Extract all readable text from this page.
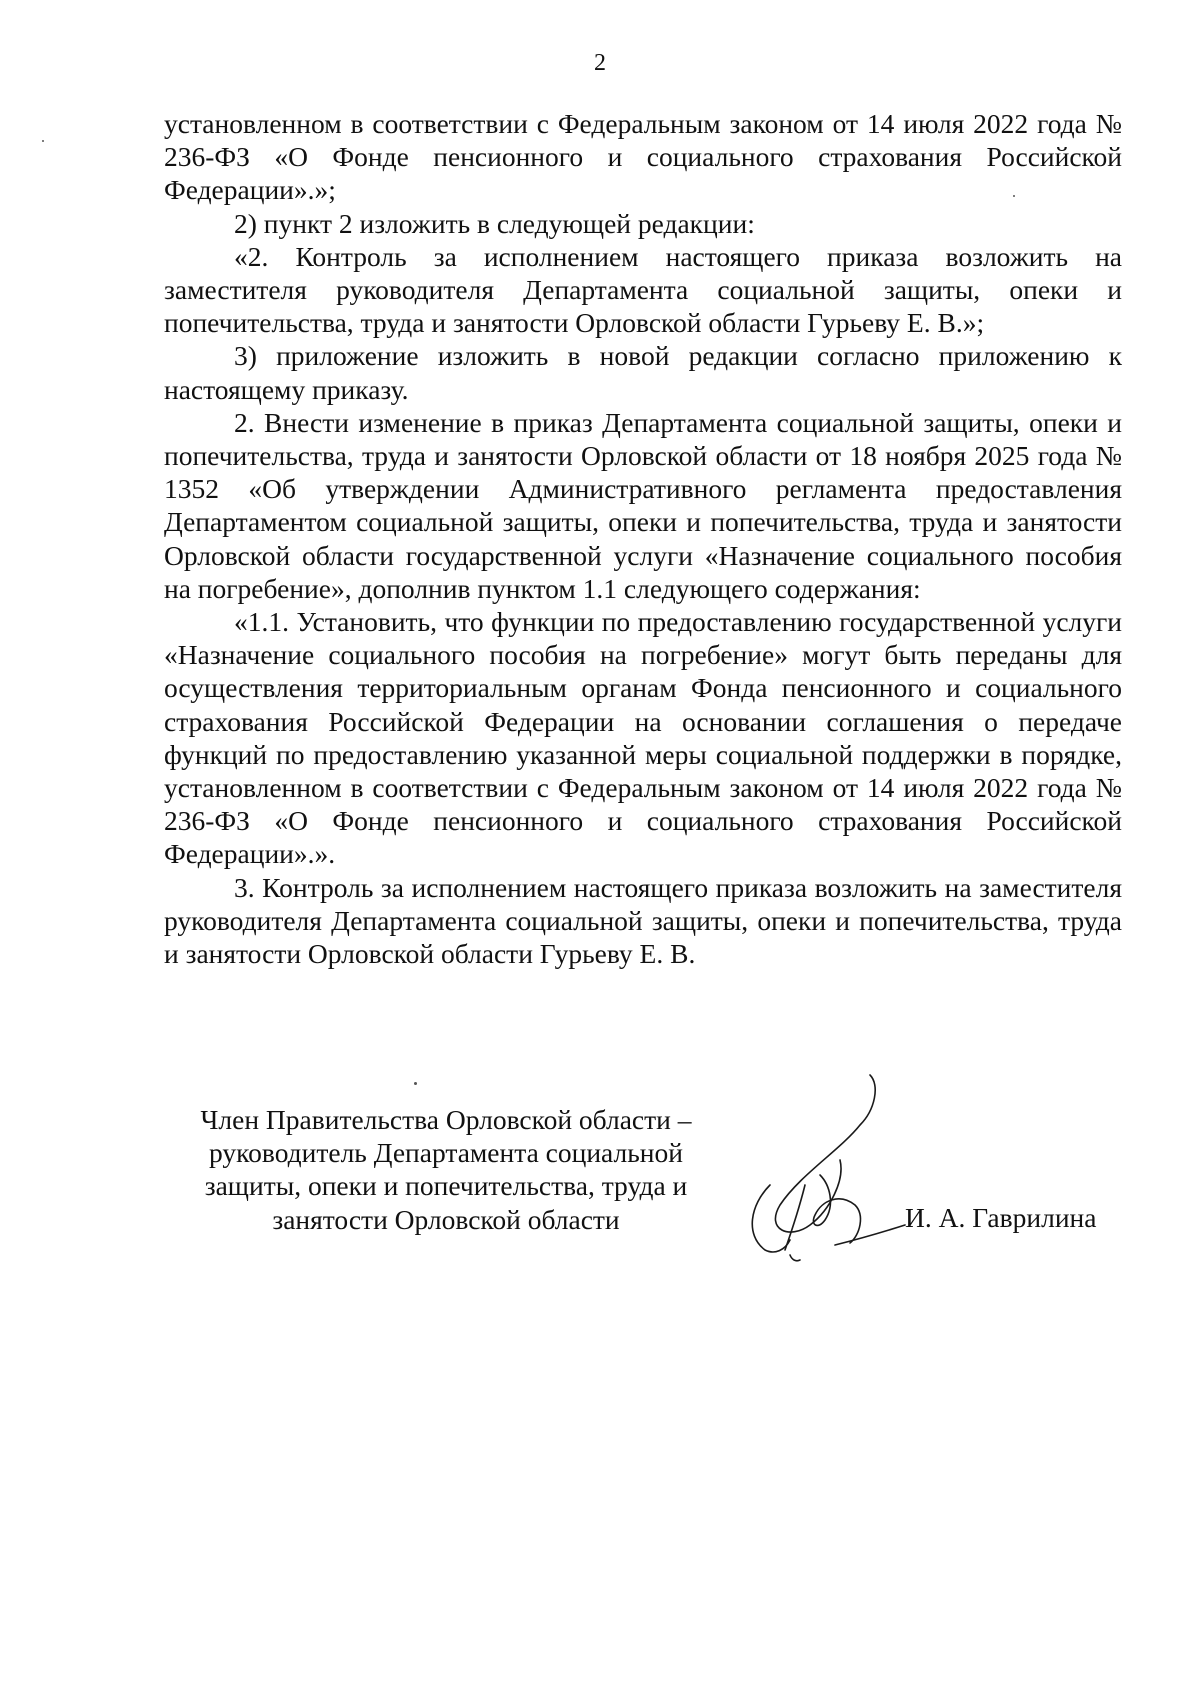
2

установленном в соответствии с Федеральным законом от 14 июля 2022 года № 236-ФЗ «О Фонде пенсионного и социального страхования Российской Федерации».»;

2) пункт 2 изложить в следующей редакции:

«2. Контроль за исполнением настоящего приказа возложить на заместителя руководителя Департамента социальной защиты, опеки и попечительства, труда и занятости Орловской области Гурьеву Е. В.»;

3) приложение изложить в новой редакции согласно приложению к настоящему приказу.

2. Внести изменение в приказ Департамента социальной защиты, опеки и попечительства, труда и занятости Орловской области от 18 ноября 2025 года № 1352 «Об утверждении Административного регламента предоставления Департаментом социальной защиты, опеки и попечительства, труда и занятости Орловской области государственной услуги «Назначение социального пособия на погребение», дополнив пунктом 1.1 следующего содержания:

«1.1. Установить, что функции по предоставлению государственной услуги «Назначение социального пособия на погребение» могут быть переданы для осуществления территориальным органам Фонда пенсионного и социального страхования Российской Федерации на основании соглашения о передаче функций по предоставлению указанной меры социальной поддержки в порядке, установленном в соответствии с Федеральным законом от 14 июля 2022 года № 236-ФЗ «О Фонде пенсионного и социального страхования Российской Федерации».».

3. Контроль за исполнением настоящего приказа возложить на заместителя руководителя Департамента социальной защиты, опеки и попечительства, труда и занятости Орловской области Гурьеву Е. В.

Член Правительства Орловской области –
руководитель Департамента социальной
защиты, опеки и попечительства, труда и
занятости Орловской области	И. А. Гаврилина
